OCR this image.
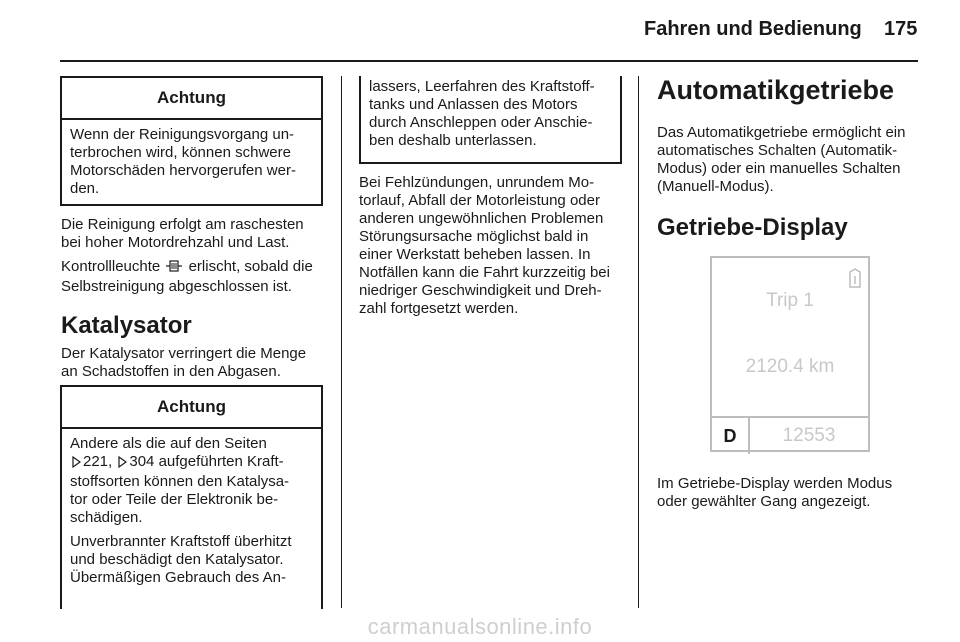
Fahren und Bedienung 175
Achtung
Wenn der Reinigungsvorgang un-
terbrochen wird, können schwere
Motorschäden hervorgerufen wer-
den.
Die Reinigung erfolgt am raschesten
bei hoher Motordrehzahl und Last.
Kontrollleuchte erlischt, sobald die
Selbstreinigung abgeschlossen ist.
Katalysator
Der Katalysator verringert die Menge
an Schadstoffen in den Abgasen.
Achtung
Andere als die auf den Seiten
221, 304 aufgeführten Kraft-
stoffsorten können den Katalysa-
tor oder Teile der Elektronik be-
schädigen.
Unverbrannter Kraftstoff überhitzt
und beschädigt den Katalysator.
Übermäßigen Gebrauch des An-
lassers, Leerfahren des Kraftstoff-
tanks und Anlassen des Motors
durch Anschleppen oder Anschie-
ben deshalb unterlassen.
Bei Fehlzündungen, unrundem Mo-
torlauf, Abfall der Motorleistung oder
anderen ungewöhnlichen Problemen
Störungsursache möglichst bald in
einer Werkstatt beheben lassen. In
Notfällen kann die Fahrt kurzzeitig bei
niedriger Geschwindigkeit und Dreh-
zahl fortgesetzt werden.
Automatikgetriebe
Das Automatikgetriebe ermöglicht ein
automatisches Schalten (Automatik-
Modus) oder ein manuelles Schalten
(Manuell-Modus).
Getriebe-Display
Trip 1
2120.4 km
D	12553
Im Getriebe-Display werden Modus
oder gewählter Gang angezeigt.
carmanualsonline.info
